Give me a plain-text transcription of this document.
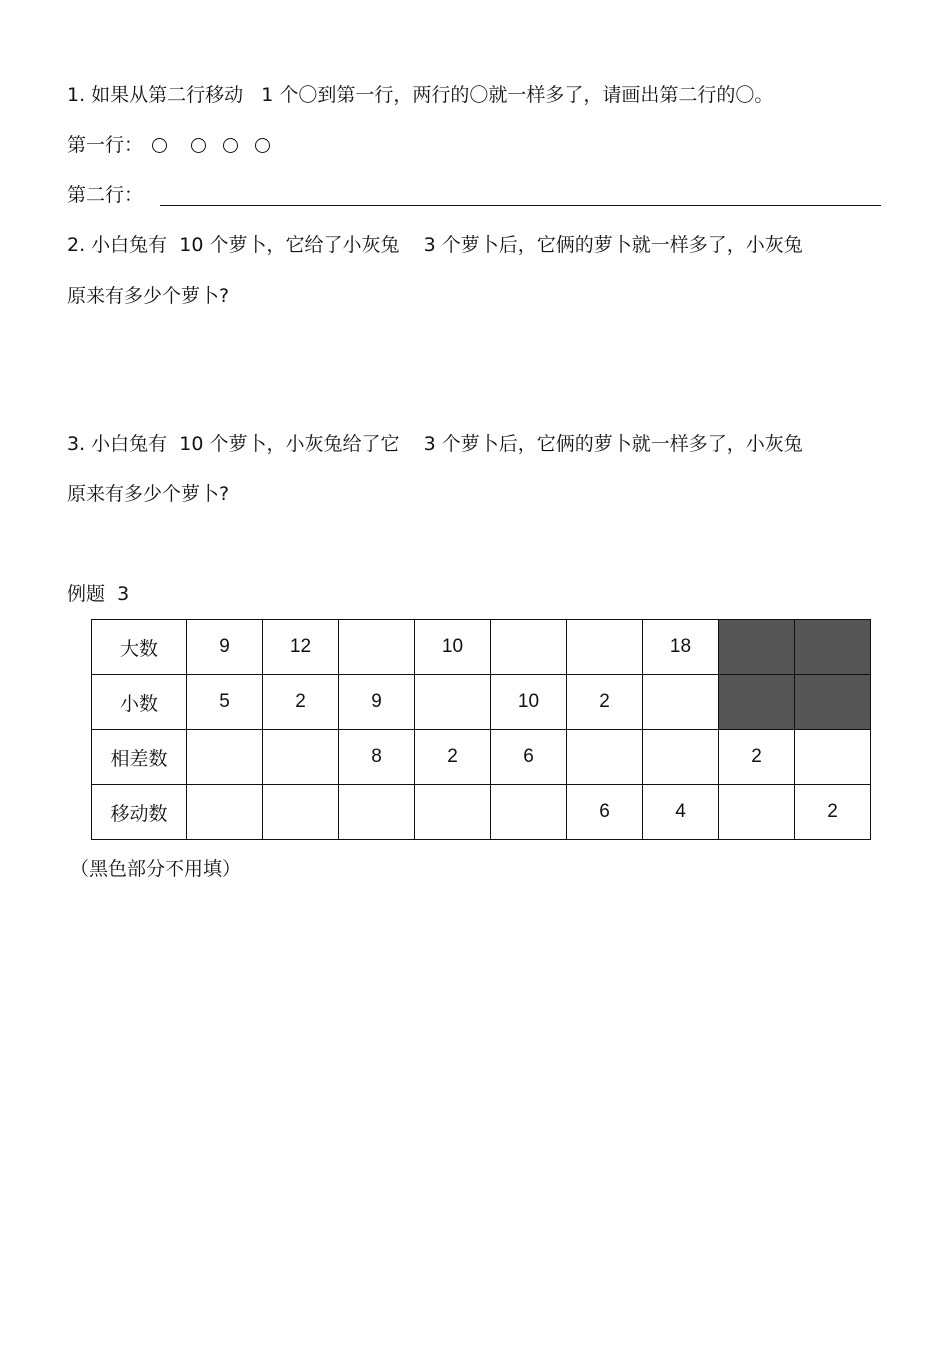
1. 如果从第二行移动   1 个〇到第一行，两行的〇就一样多了，请画出第二行的〇。
第一行：
第二行：
2. 小白兔有  10 个萝卜，它给了小灰兔    3 个萝卜后，它俩的萝卜就一样多了，小灰兔
原来有多少个萝卜?
3. 小白兔有  10 个萝卜，小灰兔给了它    3 个萝卜后，它俩的萝卜就一样多了，小灰兔
原来有多少个萝卜?
例题  3
大数	9	12		10			18		
小数	5	2	9		10	2			
相差数			8	2	6			2	
移动数						6	4		2
（黑色部分不用填）
